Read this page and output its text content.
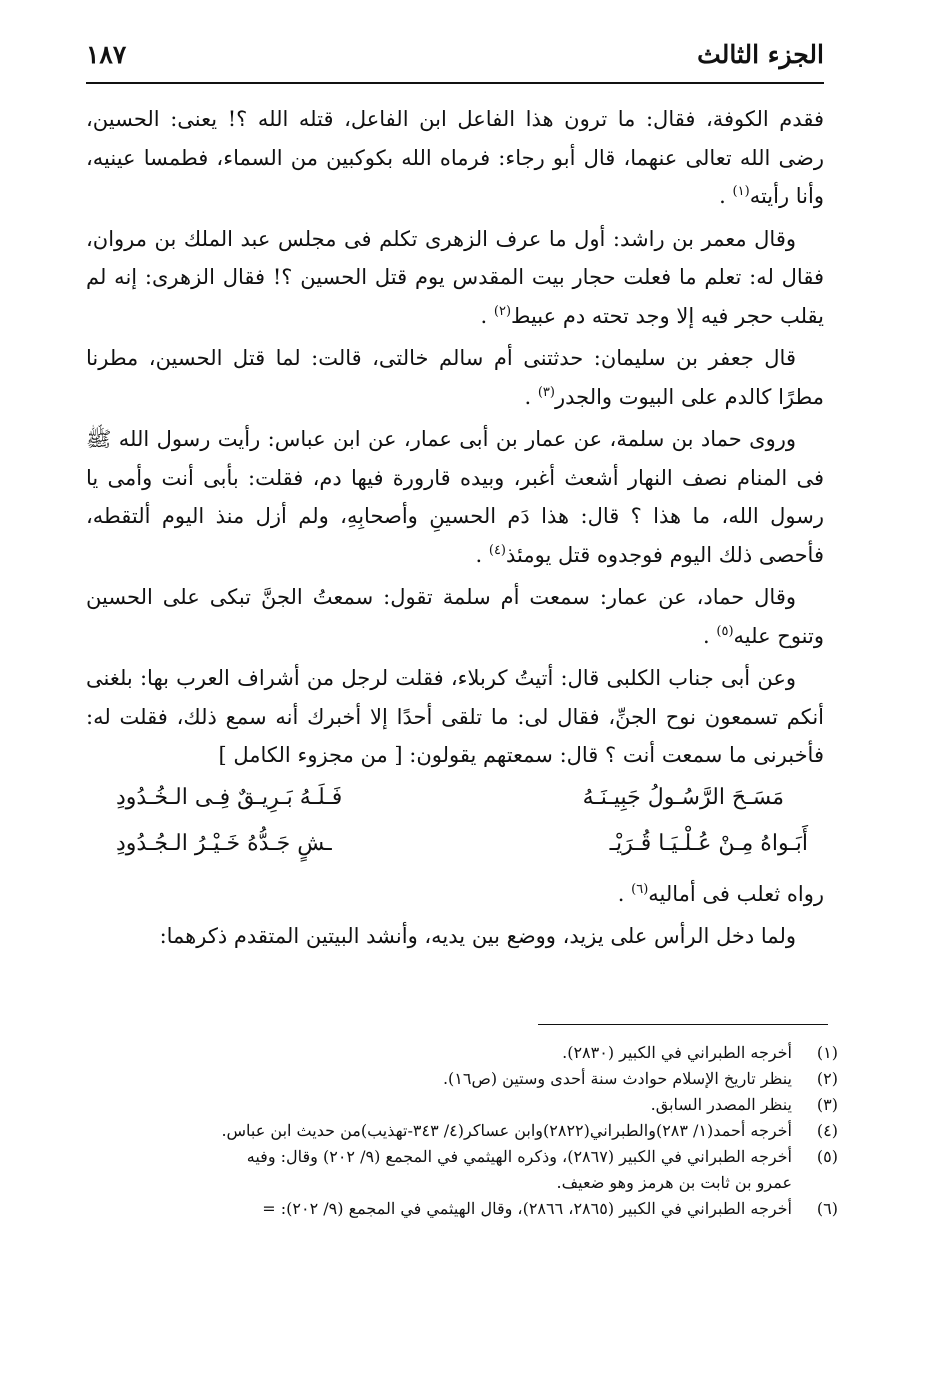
الجزء الثالث
١٨٧

فقدم الكوفة، فقال: ما ترون هذا الفاعل ابن الفاعل، قتله الله ؟! يعنى: الحسين، رضى الله تعالى عنهما، قال أبو رجاء: فرماه الله بكوكبين من السماء، فطمسا عينيه، وأنا رأيته$^{(١)}$ .

وقال معمر بن راشد: أول ما عرف الزهرى تكلم فى مجلس عبد الملك بن مروان، فقال له: تعلم ما فعلت حجار بيت المقدس يوم قتل الحسين ؟! فقال الزهرى: إنه لم يقلب حجر فيه إلا وجد تحته دم عبيط$^{(٢)}$ .

قال جعفر بن سليمان: حدثتنى أم سالم خالتى، قالت: لما قتل الحسين، مطرنا مطرًا كالدم على البيوت والجدر$^{(٣)}$ .

وروى حماد بن سلمة، عن عمار بن أبى عمار، عن ابن عباس: رأيت رسول الله ﷺ فى المنام نصف النهار أشعث أغبر، وبيده قارورة فيها دم، فقلت: بأبى أنت وأمى يا رسول الله، ما هذا ؟ قال: هذا دَم الحسينِ وأصحابِهِ، ولم أزل منذ اليوم ألتقطه، فأحصى ذلك اليوم فوجدوه قتل يومئذ$^{(٤)}$ .

وقال حماد، عن عمار: سمعت أم سلمة تقول: سمعتُ الجنَّ تبكى على الحسين وتنوح عليه$^{(٥)}$ .

وعن أبى جناب الكلبى قال: أتيتُ كربلاء، فقلت لرجل من أشراف العرب بها: بلغنى أنكم تسمعون نوح الجنِّ، فقال لى: ما تلقى أحدًا إلا أخبرك أنه سمع ذلك، فقلت له: فأخبرنى ما سمعت أنت ؟ قال: سمعتهم يقولون: [ من مجزوء الكامل ]

مَسَـحَ الرَّسُـولُ جَبِيـنَـهُ
فَـلَـهُ بَـرِيـقٌ فِـى الـخُـدُودِ
أَبَـواهُ مِـنْ عُـلْـيَـا قُـرَيْـ
ـشٍ جَـدُّهُ خَـيْـرُ الـجُـدُودِ

رواه ثعلب فى أماليه$^{(٦)}$ .

ولما دخل الرأس على يزيد، ووضع بين يديه، وأنشد البيتين المتقدم ذكرهما:

(١)
أخرجه الطبراني في الكبير (٢٨٣٠).

(٢)
ينظر تاريخ الإسلام حوادث سنة أحدى وستين (ص١٦).

(٣)
ينظر المصدر السابق.

(٤)
أخرجه أحمد(١/ ٢٨٣)والطبراني(٢٨٢٢)وابن عساكر(٤/ ٣٤٣-تهذيب)من حديث ابن عباس.

(٥)
أخرجه الطبراني في الكبير (٢٨٦٧)، وذكره الهيثمي في المجمع (٩/ ٢٠٢) وقال: وفيه
عمرو بن ثابت بن هرمز وهو ضعيف.

(٦)
أخرجه الطبراني في الكبير (٢٨٦٥، ٢٨٦٦)، وقال الهيثمي في المجمع (٩/ ٢٠٢): =
